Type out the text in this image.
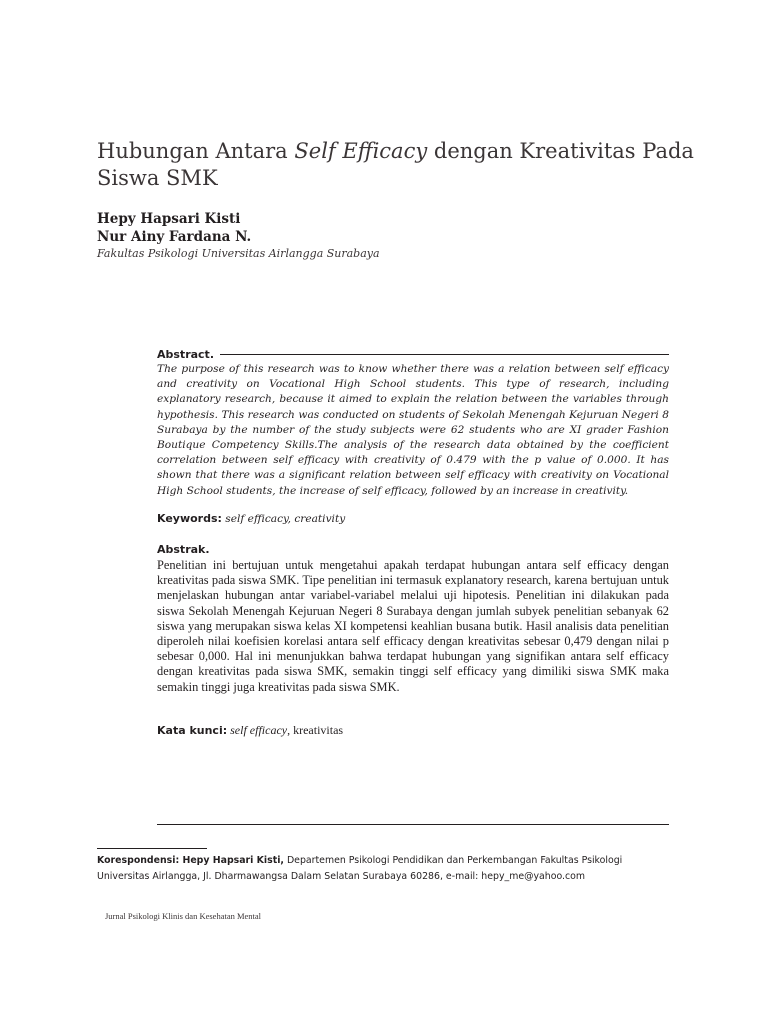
Hubungan Antara Self Efficacy dengan Kreativitas Pada Siswa SMK

Hepy Hapsari Kisti

Nur Ainy Fardana N.

Fakultas Psikologi Universitas Airlangga Surabaya
Abstract.

The purpose of this research was to know whether there was a relation between self efficacy and creativity on Vocational High School students. This type of research, including explanatory research, because it aimed to explain the relation between the variables through hypothesis. This research was conducted on students of Sekolah Menengah Kejuruan Negeri 8 Surabaya by the number of the study subjects were 62 students who are XI grader Fashion Boutique Competency Skills.The analysis of the research data obtained by the coefficient correlation between self efficacy with creativity of 0.479 with the p value of 0.000. It has shown that there was a significant relation between self efficacy with creativity on Vocational High School students, the increase of self efficacy, followed by an increase in creativity.

Keywords: self efficacy, creativity
Abstrak.

Penelitian ini bertujuan untuk mengetahui apakah terdapat hubungan antara self efficacy dengan kreativitas pada siswa SMK. Tipe penelitian ini termasuk explanatory research, karena bertujuan untuk menjelaskan hubungan antar variabel-variabel melalui uji hipotesis. Penelitian ini dilakukan pada siswa Sekolah Menengah Kejuruan Negeri 8 Surabaya dengan jumlah subyek penelitian sebanyak 62 siswa yang merupakan siswa kelas XI kompetensi keahlian busana butik. Hasil analisis data penelitian diperoleh nilai koefisien korelasi antara self efficacy dengan kreativitas sebesar 0,479 dengan nilai p sebesar 0,000. Hal ini menunjukkan bahwa terdapat hubungan yang signifikan antara self efficacy dengan kreativitas pada siswa SMK, semakin tinggi self efficacy yang dimiliki siswa SMK maka semakin tinggi juga kreativitas pada siswa SMK.

Kata kunci: self efficacy, kreativitas

Korespondensi: Hepy Hapsari Kisti, Departemen Psikologi Pendidikan dan Perkembangan Fakultas Psikologi Universitas Airlangga, Jl. Dharmawangsa Dalam Selatan Surabaya 60286, e-mail: hepy_me@yahoo.com

Jurnal Psikologi Klinis dan Kesehatan Mental
